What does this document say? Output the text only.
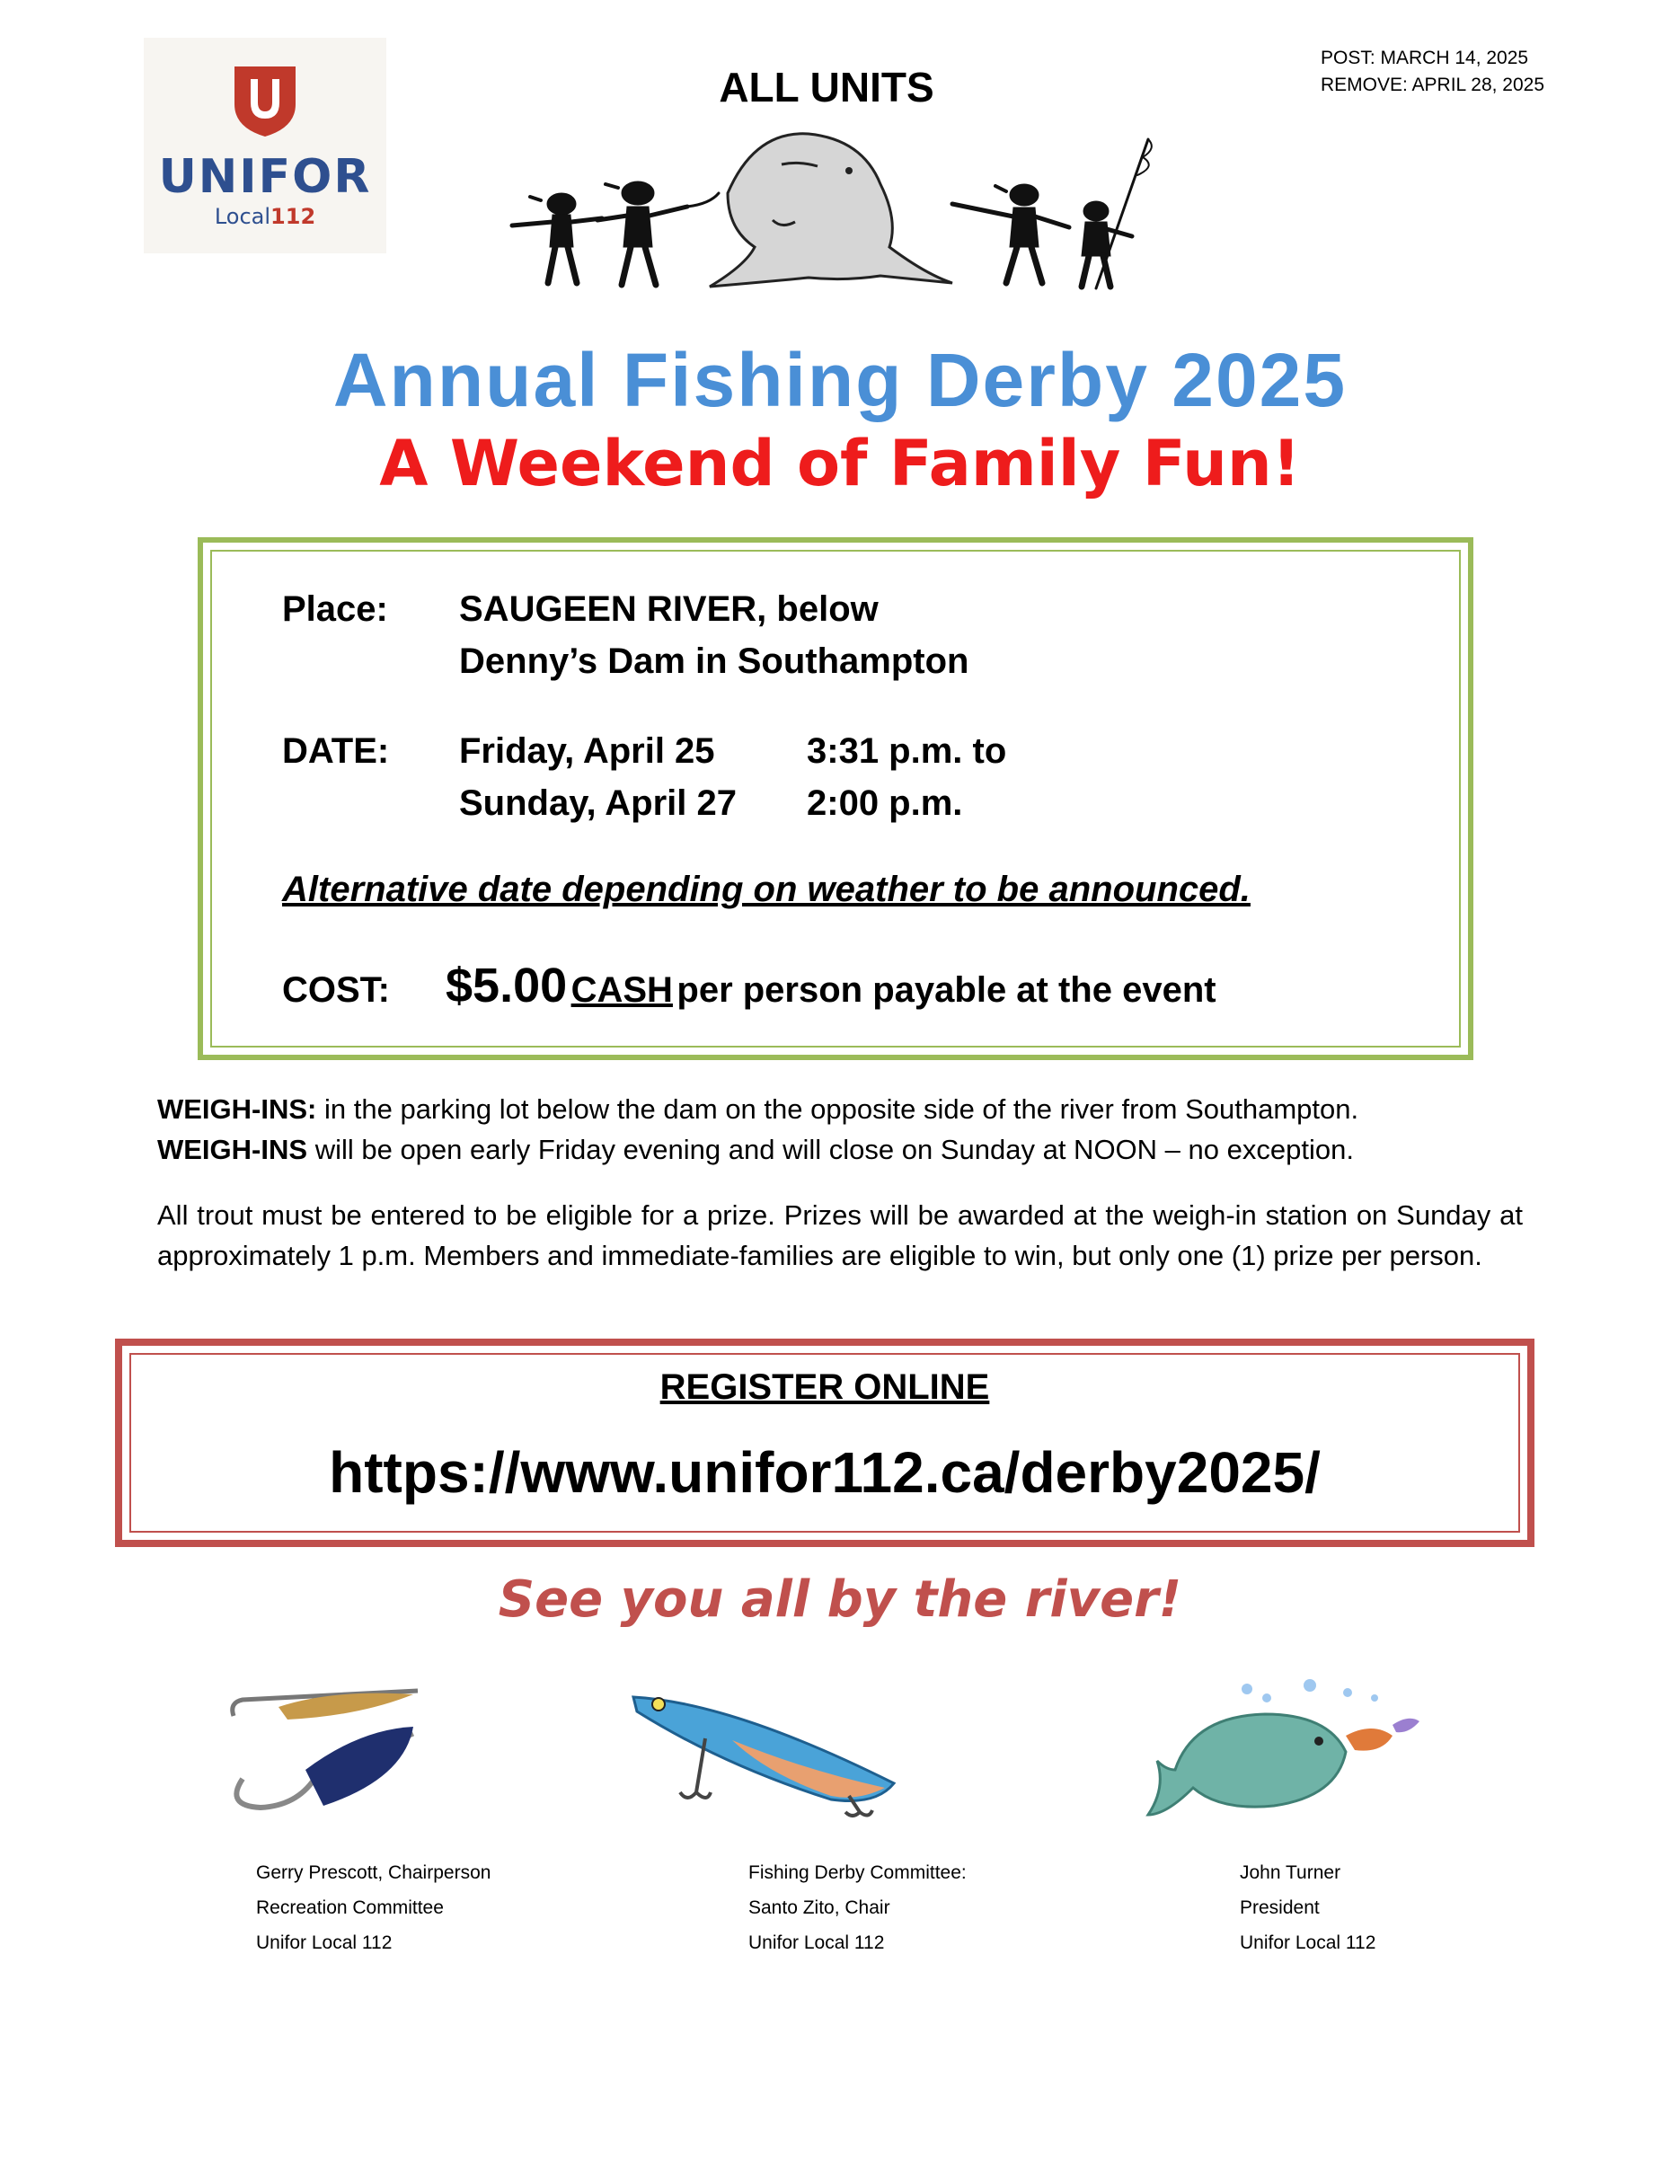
UNIFOR
Local112
ALL UNITS
POST: MARCH 14, 2025
REMOVE: APRIL 28, 2025
Annual Fishing Derby 2025
A Weekend of Family Fun!
Place: SAUGEEN RIVER, below
Denny’s Dam in Southampton
DATE: Friday, April 25	3:31 p.m. to
Sunday, April 27 2:00 p.m.
Alternative date depending on weather to be announced.
COST: $5.00 CASH per person payable at the event
WEIGH-INS: in the parking lot below the dam on the opposite side of the river from Southampton.
WEIGH-INS will be open early Friday evening and will close on Sunday at NOON – no exception.
All trout must be entered to be eligible for a prize. Prizes will be awarded at the weigh-in station on Sunday at approximately 1 p.m. Members and immediate-families are eligible to win, but only one (1) prize per person.
REGISTER ONLINE
https://www.unifor112.ca/derby2025/
See you all by the river!
Gerry Prescott, Chairperson
Recreation Committee
Unifor Local 112
Fishing Derby Committee:
Santo Zito, Chair
Unifor Local 112
John Turner
President
Unifor Local 112
